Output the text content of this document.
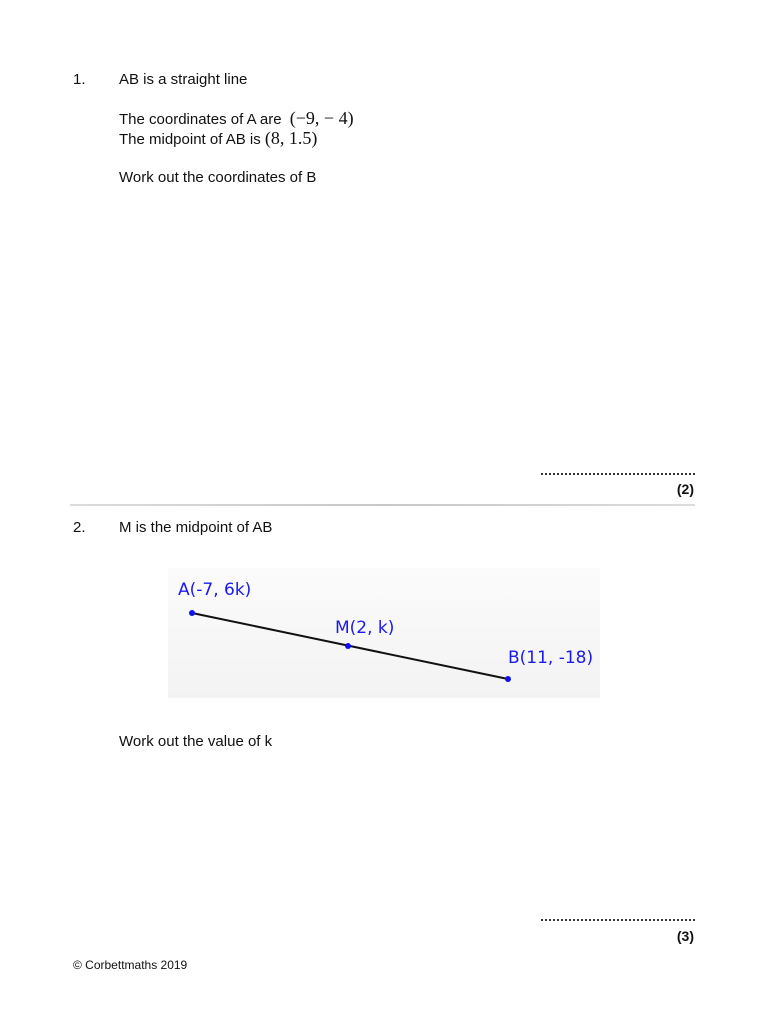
1. AB is a straight line
The coordinates of A are (−9, − 4)
The midpoint of AB is (8, 1.5)
Work out the coordinates of B
(2)
2. M is the midpoint of AB
A(-7, 6k)
M(2, k)
B(11, -18)
Work out the value of k
(3)
© Corbettmaths 2019
